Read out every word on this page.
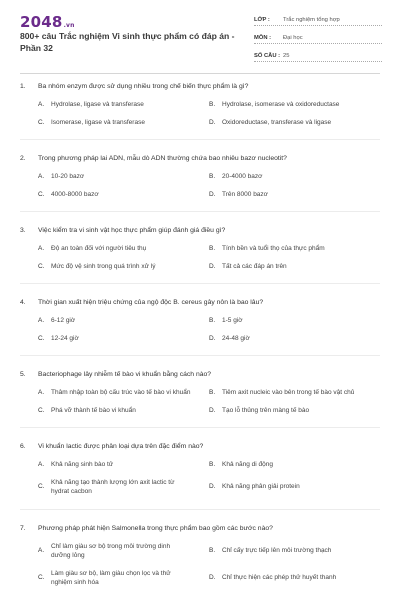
2048.vn
800+ câu Trắc nghiệm Vi sinh thực phẩm có đáp án - Phần 32
LỚP :	Trắc nghiệm tổng hợp
MÔN :	Đại học
SỐ CÂU : 25
1.	Ba nhóm enzym được sử dụng nhiều trong chế biến thực phẩm là gì?
A.	Hydrolase, ligase và transferase	B.	Hydrolase, isomerase và oxidoreductase
C.	Isomerase, ligase và transferase	D.	Oxidoreductase, transferase và ligase
2.	Trong phương pháp lai ADN, mẫu dò ADN thường chứa bao nhiêu bazơ nucleotit?
A.	10-20 bazơ	B.	20-4000 bazơ
C.	4000-8000 bazơ	D.	Trên 8000 bazơ
3.	Việc kiểm tra vi sinh vật học thực phẩm giúp đánh giá điều gì?
A.	Độ an toàn đối với người tiêu thụ	B.	Tính bền và tuổi thọ của thực phẩm
C.	Mức độ vệ sinh trong quá trình xử lý	D.	Tất cả các đáp án trên
4.	Thời gian xuất hiện triệu chứng của ngộ độc B. cereus gây nôn là bao lâu?
A.	6-12 giờ	B.	1-5 giờ
C.	12-24 giờ	D.	24-48 giờ
5.	Bacteriophage lây nhiễm tế bào vi khuẩn bằng cách nào?
A.	Thâm nhập toàn bộ cấu trúc vào tế bào vi khuẩn	B.	Tiêm axit nucleic vào bên trong tế bào vật chủ
C.	Phá vỡ thành tế bào vi khuẩn	D.	Tạo lỗ thủng trên màng tế bào
6.	Vi khuẩn lactic được phân loại dựa trên đặc điểm nào?
A.	Khả năng sinh bào tử	B.	Khả năng di động
C.
Khả năng tạo thành lượng lớn axit lactic từ hydrat cacbon
D.	Khả năng phân giải protein
7.	Phương pháp phát hiện Salmonella trong thực phẩm bao gồm các bước nào?
A.
Chỉ làm giàu sơ bộ trong môi trường dinh dưỡng lỏng
B.	Chỉ cấy trực tiếp lên môi trường thạch
C.
Làm giàu sơ bộ, làm giàu chọn lọc và thử nghiệm sinh hóa
D.	Chỉ thực hiện các phép thử huyết thanh
